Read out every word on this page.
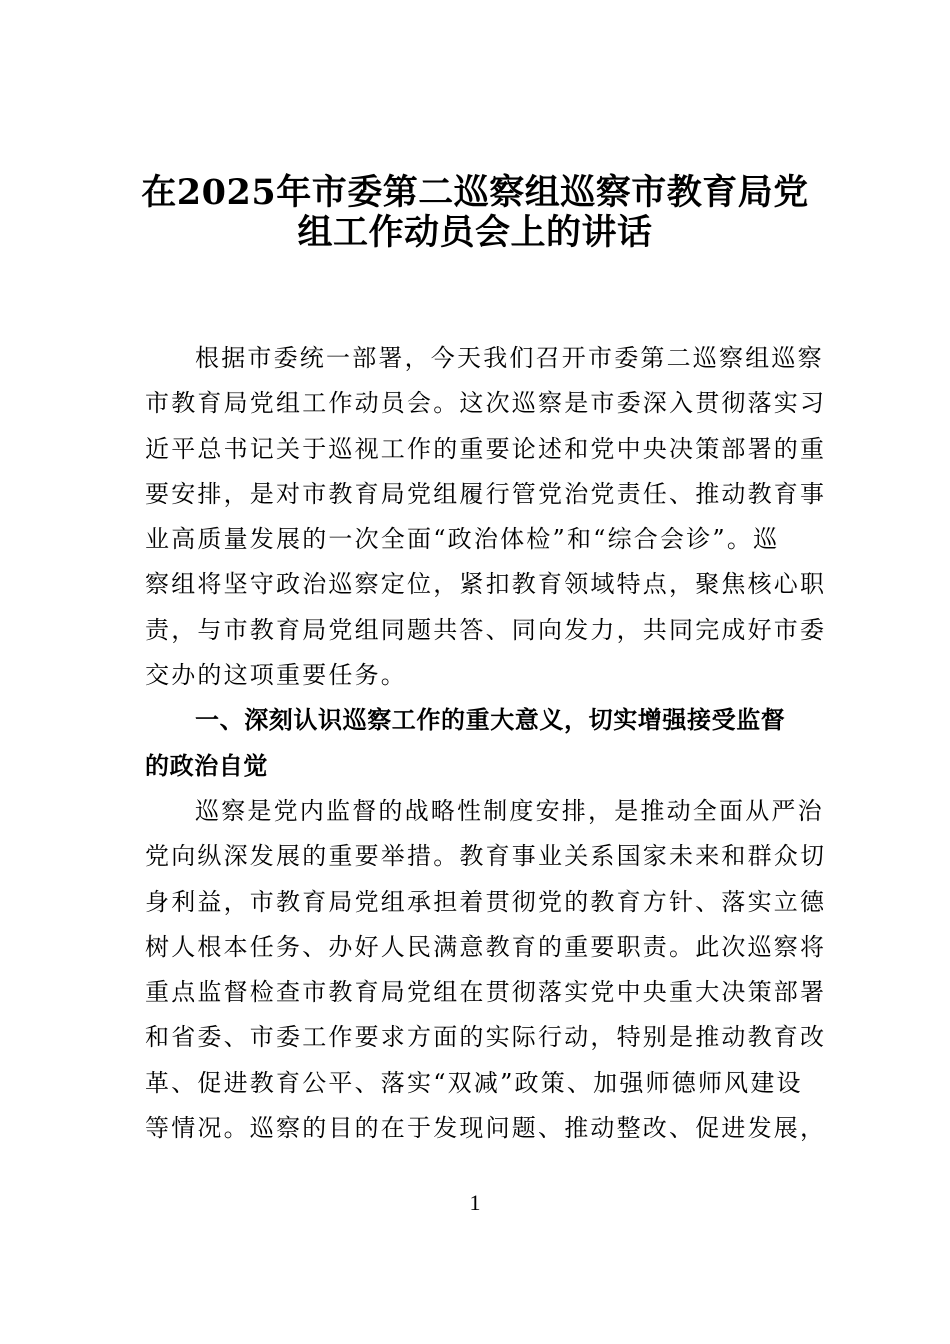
在2025年市委第二巡察组巡察市教育局党
组工作动员会上的讲话
根据市委统一部署，今天我们召开市委第二巡察组巡察
市教育局党组工作动员会。这次巡察是市委深入贯彻落实习
近平总书记关于巡视工作的重要论述和党中央决策部署的重
要安排，是对市教育局党组履行管党治党责任、推动教育事
业高质量发展的一次全面“政治体检”和“综合会诊”。巡
察组将坚守政治巡察定位，紧扣教育领域特点，聚焦核心职
责，与市教育局党组同题共答、同向发力，共同完成好市委
交办的这项重要任务。
一、深刻认识巡察工作的重大意义，切实增强接受监督
的政治自觉
巡察是党内监督的战略性制度安排，是推动全面从严治
党向纵深发展的重要举措。教育事业关系国家未来和群众切
身利益，市教育局党组承担着贯彻党的教育方针、落实立德
树人根本任务、办好人民满意教育的重要职责。此次巡察将
重点监督检查市教育局党组在贯彻落实党中央重大决策部署
和省委、市委工作要求方面的实际行动，特别是推动教育改
革、促进教育公平、落实“双减”政策、加强师德师风建设
等情况。巡察的目的在于发现问题、推动整改、促进发展，
1
